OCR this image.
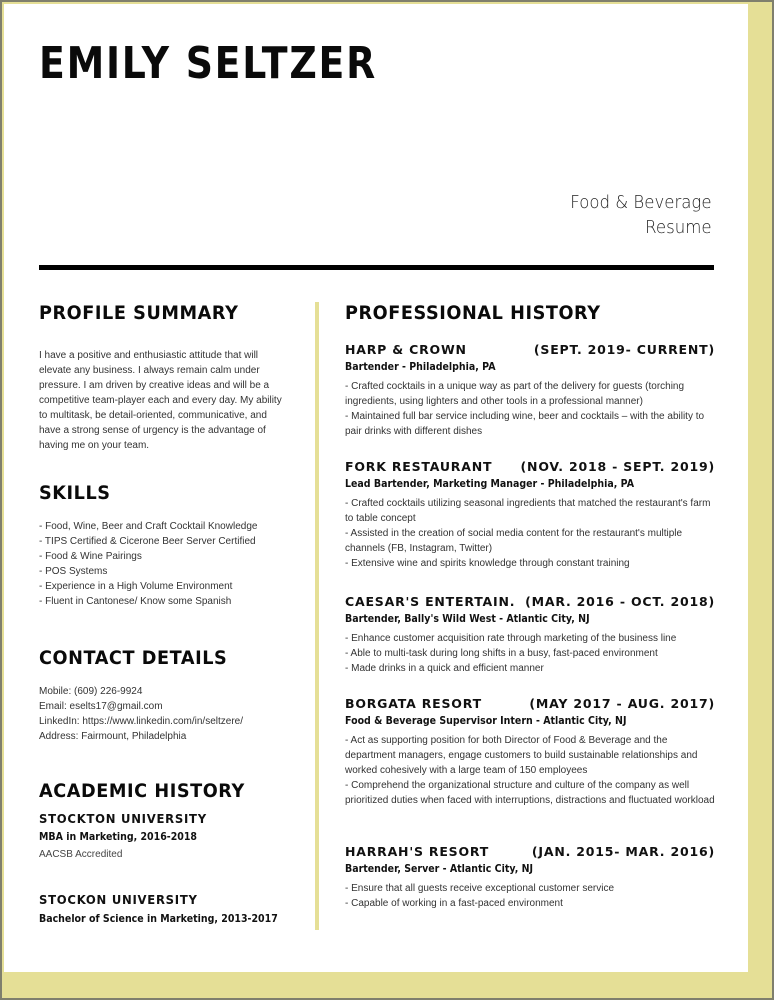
EMILY SELTZER
Food & Beverage
Resume
PROFILE SUMMARY

I have a positive and enthusiastic attitude that will elevate any business. I always remain calm under pressure. I am driven by creative ideas and will be a competitive team-player each and every day. My ability to multitask, be detail-oriented, communicative, and have a strong sense of urgency is the advantage of having me on your team.

SKILLS
- Food, Wine, Beer and Craft Cocktail Knowledge
- TIPS Certified & Cicerone Beer Server Certified
- Food & Wine Pairings
- POS Systems
- Experience in a High Volume Environment
- Fluent in Cantonese/ Know some Spanish
CONTACT DETAILS
Mobile: (609) 226-9924
Email: eselts17@gmail.com
LinkedIn: https://www.linkedin.com/in/seltzere/
Address: Fairmount, Philadelphia
ACADEMIC HISTORY
STOCKTON UNIVERSITY
MBA in Marketing, 2016-2018
AACSB Accredited
STOCKON UNIVERSITY
Bachelor of Science in Marketing, 2013-2017
PROFESSIONAL HISTORY
HARP & CROWN	(SEPT. 2019- CURRENT)
Bartender - Philadelphia, PA
- Crafted cocktails in a unique way as part of the delivery for guests (torching ingredients, using lighters and other tools in a professional manner)
- Maintained full bar service including wine, beer and cocktails – with the ability to pair drinks with different dishes
FORK RESTAURANT (NOV. 2018 - SEPT. 2019)
Lead Bartender, Marketing Manager - Philadelphia, PA
- Crafted cocktails utilizing seasonal ingredients that matched the restaurant's farm to table concept
- Assisted in the creation of social media content for the restaurant's multiple channels (FB, Instagram, Twitter)
- Extensive wine and spirits knowledge through constant training
CAESAR'S ENTERTAIN. (MAR. 2016 - OCT. 2018)
Bartender, Bally's Wild West - Atlantic City, NJ
- Enhance customer acquisition rate through marketing of the business line
- Able to multi-task during long shifts in a busy, fast-paced environment
- Made drinks in a quick and efficient manner
BORGATA RESORT	(MAY 2017 - AUG. 2017)
Food & Beverage Supervisor Intern - Atlantic City, NJ
- Act as supporting position for both Director of Food & Beverage and the department managers, engage customers to build sustainable relationships and worked cohesively with a large team of 150 employees
- Comprehend the organizational structure and culture of the company as well prioritized duties when faced with interruptions, distractions and fluctuated workload
HARRAH'S RESORT	(JAN. 2015- MAR. 2016)
Bartender, Server - Atlantic City, NJ
- Ensure that all guests receive exceptional customer service
- Capable of working in a fast-paced environment
